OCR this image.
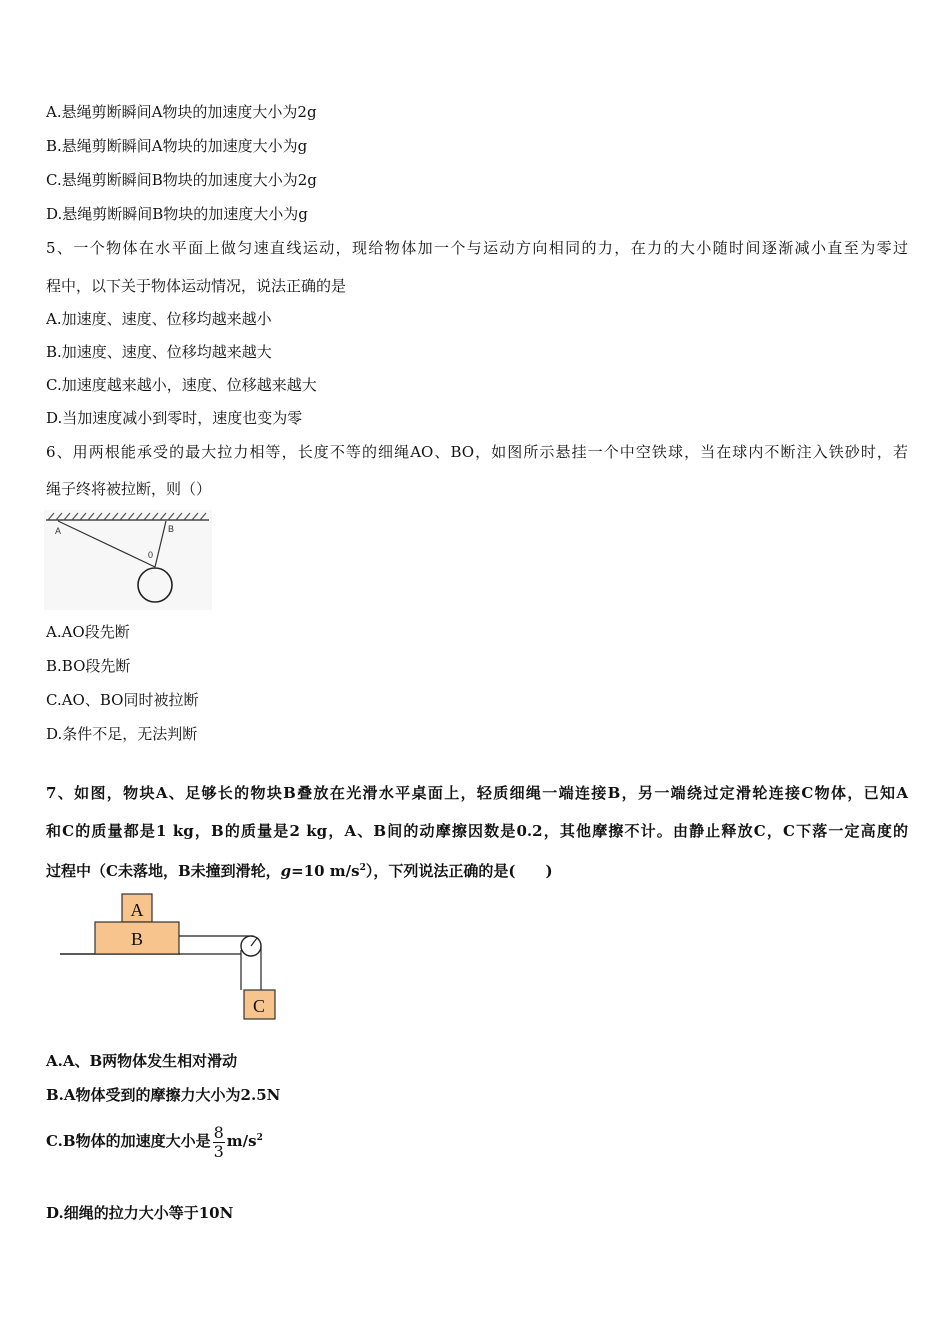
A.悬绳剪断瞬间A物块的加速度大小为2g
B.悬绳剪断瞬间A物块的加速度大小为g
C.悬绳剪断瞬间B物块的加速度大小为2g
D.悬绳剪断瞬间B物块的加速度大小为g
5、一个物体在水平面上做匀速直线运动，现给物体加一个与运动方向相同的力，在力的大小随时间逐渐减小直至为零过
程中，以下关于物体运动情况，说法正确的是
A.加速度、速度、位移均越来越小
B.加速度、速度、位移均越来越大
C.加速度越来越小，速度、位移越来越大
D.当加速度减小到零时，速度也变为零
6、用两根能承受的最大拉力相等，长度不等的细绳AO、BO，如图所示悬挂一个中空铁球，当在球内不断注入铁砂时，若
绳子终将被拉断，则（）
A	B
0
A.AO段先断
B.BO段先断
C.AO、BO同时被拉断
D.条件不足，无法判断
7、如图，物块A、足够长的物块B叠放在光滑水平桌面上，轻质细绳一端连接B，另一端绕过定滑轮连接C物体，已知A
和C的质量都是1 kg，B的质量是2 kg，A、B间的动摩擦因数是0.2，其他摩擦不计。由静止释放C，C下落一定高度的
过程中（C未落地，B未撞到滑轮，g=10 $m/s^2$），下列说法正确的是(　　)
A
B
C
A.A、B两物体发生相对滑动
B.A物体受到的摩擦力大小为2.5N
C.B物体的加速度大小是 $\frac{8}{3} m/s^2$
D.细绳的拉力大小等于10N
